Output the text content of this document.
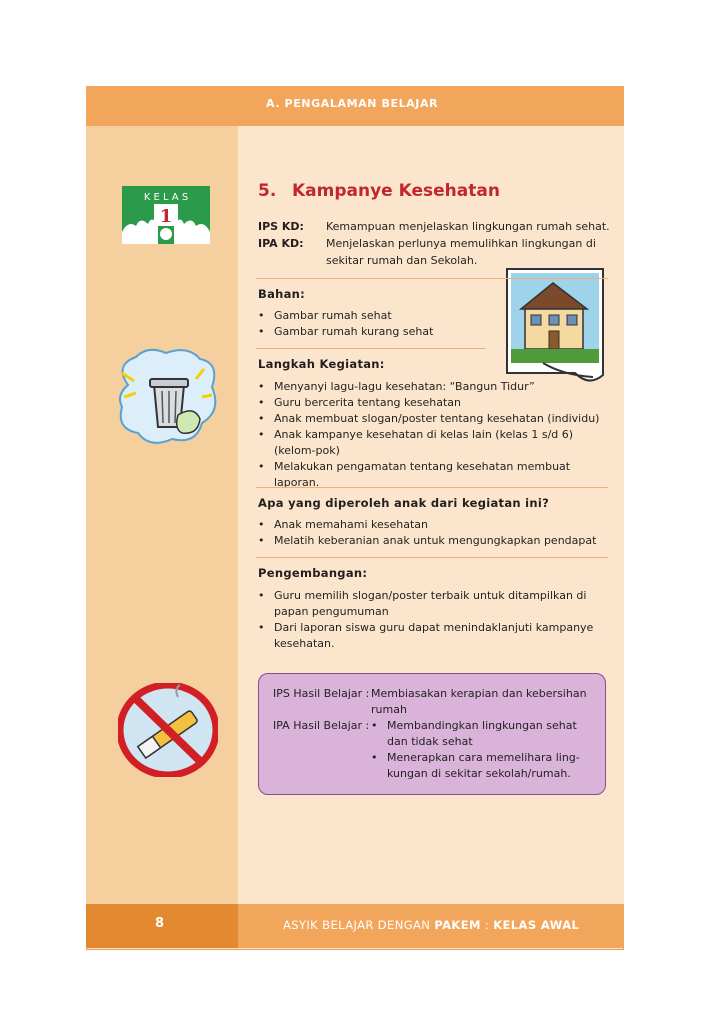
A. PENGALAMAN BELAJAR
K E L A S
1
5. Kampanye Kesehatan
IPS KD:	Kemampuan menjelaskan lingkungan rumah sehat.
IPA KD:	Menjelaskan perlunya memulihkan lingkungan di sekitar rumah dan Sekolah.
Bahan:
• Gambar rumah sehat
• Gambar rumah kurang sehat
Langkah Kegiatan:
• Menyanyi lagu-lagu kesehatan: “Bangun Tidur”
• Guru bercerita tentang kesehatan
• Anak membuat slogan/poster tentang kesehatan (individu)
• Anak kampanye kesehatan di kelas lain (kelas 1 s/d 6) (kelom-pok)
• Melakukan pengamatan tentang kesehatan membuat laporan.
Apa yang diperoleh anak dari kegiatan ini?
• Anak memahami kesehatan
• Melatih keberanian anak untuk mengungkapkan pendapat
Pengembangan:
• Guru memilih slogan/poster terbaik untuk ditampilkan di papan pengumuman
• Dari laporan siswa guru dapat menindaklanjuti kampanye kesehatan.
IPS Hasil Belajar : Membiasakan kerapian dan kebersihan rumah
IPA Hasil Belajar :
•	Membandingkan lingkungan sehat dan tidak sehat
• Menerapkan cara memelihara ling-kungan di sekitar sekolah/rumah.
8	ASYIK BELAJAR DENGAN PAKEM : KELAS AWAL
